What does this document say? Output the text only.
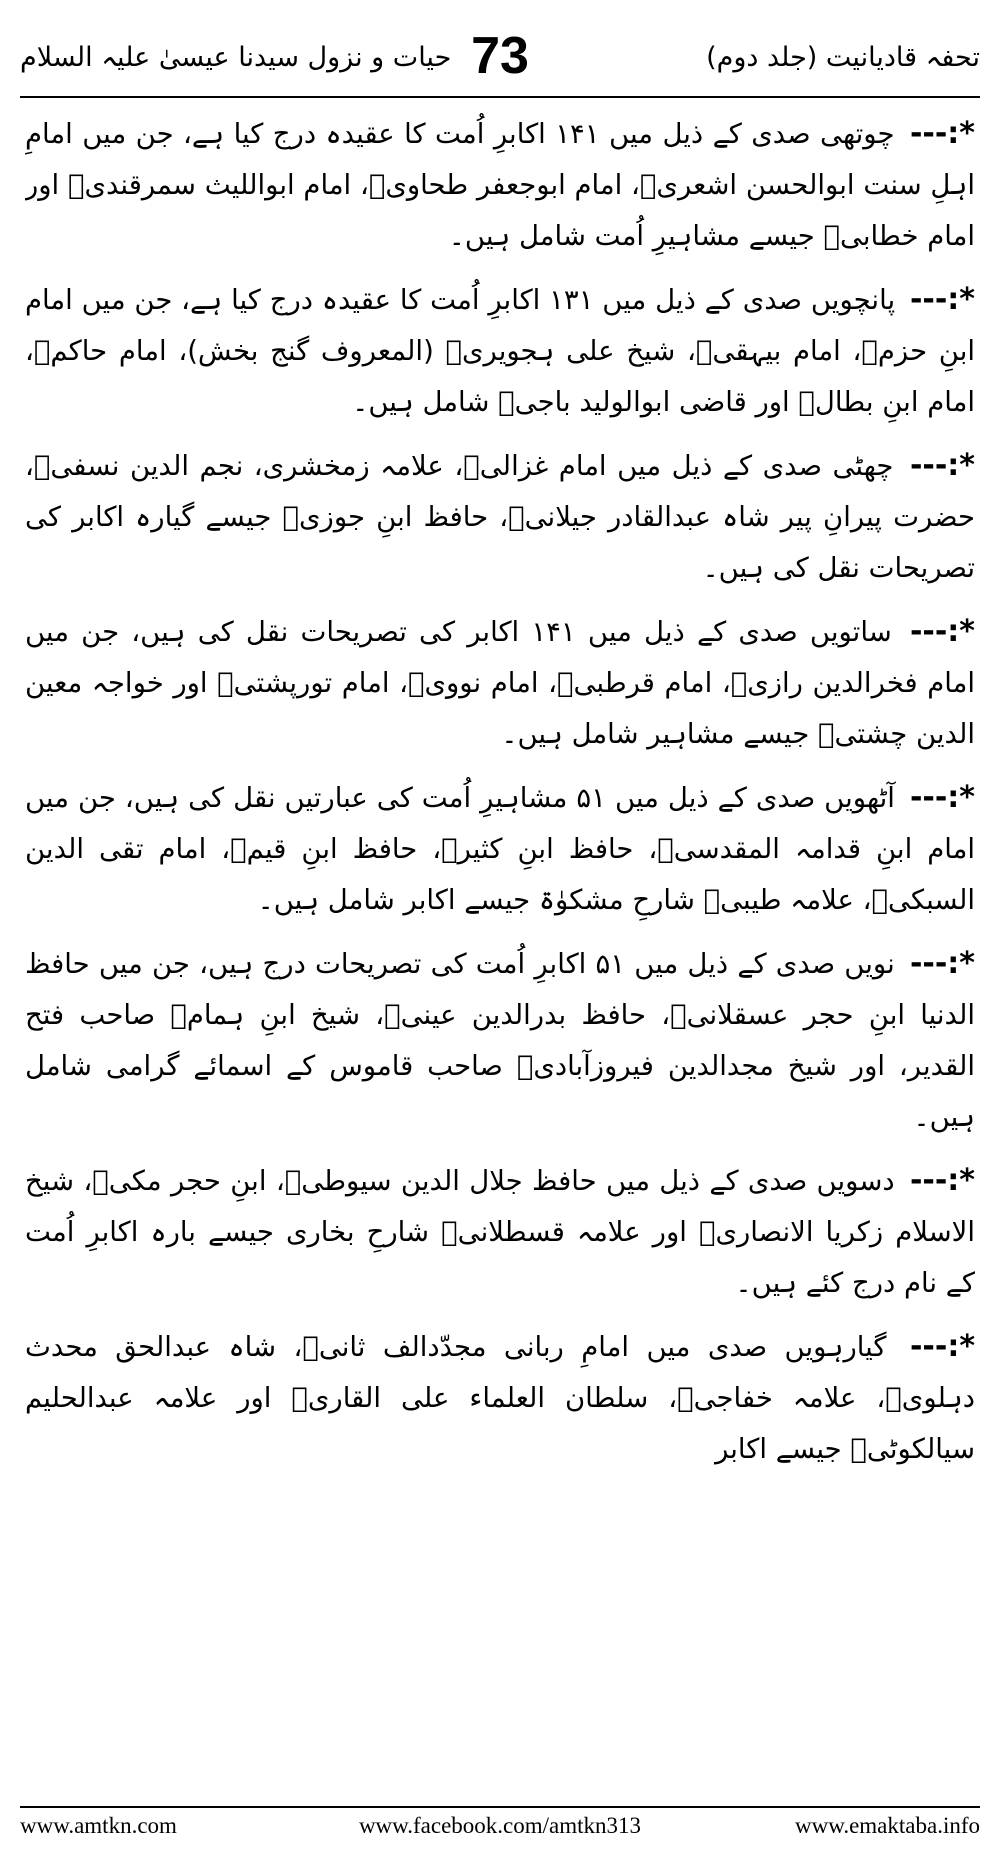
تحفہ قادیانیت (جلد دوم)
73
حیات و نزول سیدنا عیسیٰ علیہ السلام

*:--- چوتھی صدی کے ذیل میں ۱۴۱ اکابرِ اُمت کا عقیدہ درج کیا ہے، جن میں امامِ اہلِ سنت ابوالحسن اشعریؒ، امام ابوجعفر طحاویؒ، امام ابواللیث سمرقندیؒ اور امام خطابیؒ جیسے مشاہیرِ اُمت شامل ہیں۔

*:--- پانچویں صدی کے ذیل میں ۱۳۱ اکابرِ اُمت کا عقیدہ درج کیا ہے، جن میں امام ابنِ حزمؒ، امام بیہقیؒ، شیخ علی ہجویریؒ (المعروف گنج بخش)، امام حاکمؒ، امام ابنِ بطالؒ اور قاضی ابوالولید باجیؒ شامل ہیں۔

*:--- چھٹی صدی کے ذیل میں امام غزالیؒ، علامہ زمخشری، نجم الدین نسفیؒ، حضرت پیرانِ پیر شاہ عبدالقادر جیلانیؒ، حافظ ابنِ جوزیؒ جیسے گیارہ اکابر کی تصریحات نقل کی ہیں۔

*:--- ساتویں صدی کے ذیل میں ۱۴۱ اکابر کی تصریحات نقل کی ہیں، جن میں امام فخرالدین رازیؒ، امام قرطبیؒ، امام نوویؒ، امام تورپشتیؒ اور خواجہ معین الدین چشتیؒ جیسے مشاہیر شامل ہیں۔

*:--- آٹھویں صدی کے ذیل میں ۵۱ مشاہیرِ اُمت کی عبارتیں نقل کی ہیں، جن میں امام ابنِ قدامہ المقدسیؒ، حافظ ابنِ کثیرؒ، حافظ ابنِ قیمؒ، امام تقی الدین السبکیؒ، علامہ طیبیؒ شارحِ مشکوٰۃ جیسے اکابر شامل ہیں۔

*:--- نویں صدی کے ذیل میں ۵۱ اکابرِ اُمت کی تصریحات درج ہیں، جن میں حافظ الدنیا ابنِ حجر عسقلانیؒ، حافظ بدرالدین عینیؒ، شیخ ابنِ ہمامؒ صاحب فتح القدیر، اور شیخ مجدالدین فیروزآبادیؒ صاحب قاموس کے اسمائے گرامی شامل ہیں۔

*:--- دسویں صدی کے ذیل میں حافظ جلال الدین سیوطیؒ، ابنِ حجر مکیؒ، شیخ الاسلام زکریا الانصاریؒ اور علامہ قسطلانیؒ شارحِ بخاری جیسے بارہ اکابرِ اُمت کے نام درج کئے ہیں۔

*:--- گیارہویں صدی میں امامِ ربانی مجدّدالف ثانیؒ، شاہ عبدالحق محدث دہلویؒ، علامہ خفاجیؒ، سلطان العلماء علی القاریؒ اور علامہ عبدالحلیم سیالکوٹیؒ جیسے اکابر

www.amtkn.com	www.facebook.com/amtkn313	www.emaktaba.info
